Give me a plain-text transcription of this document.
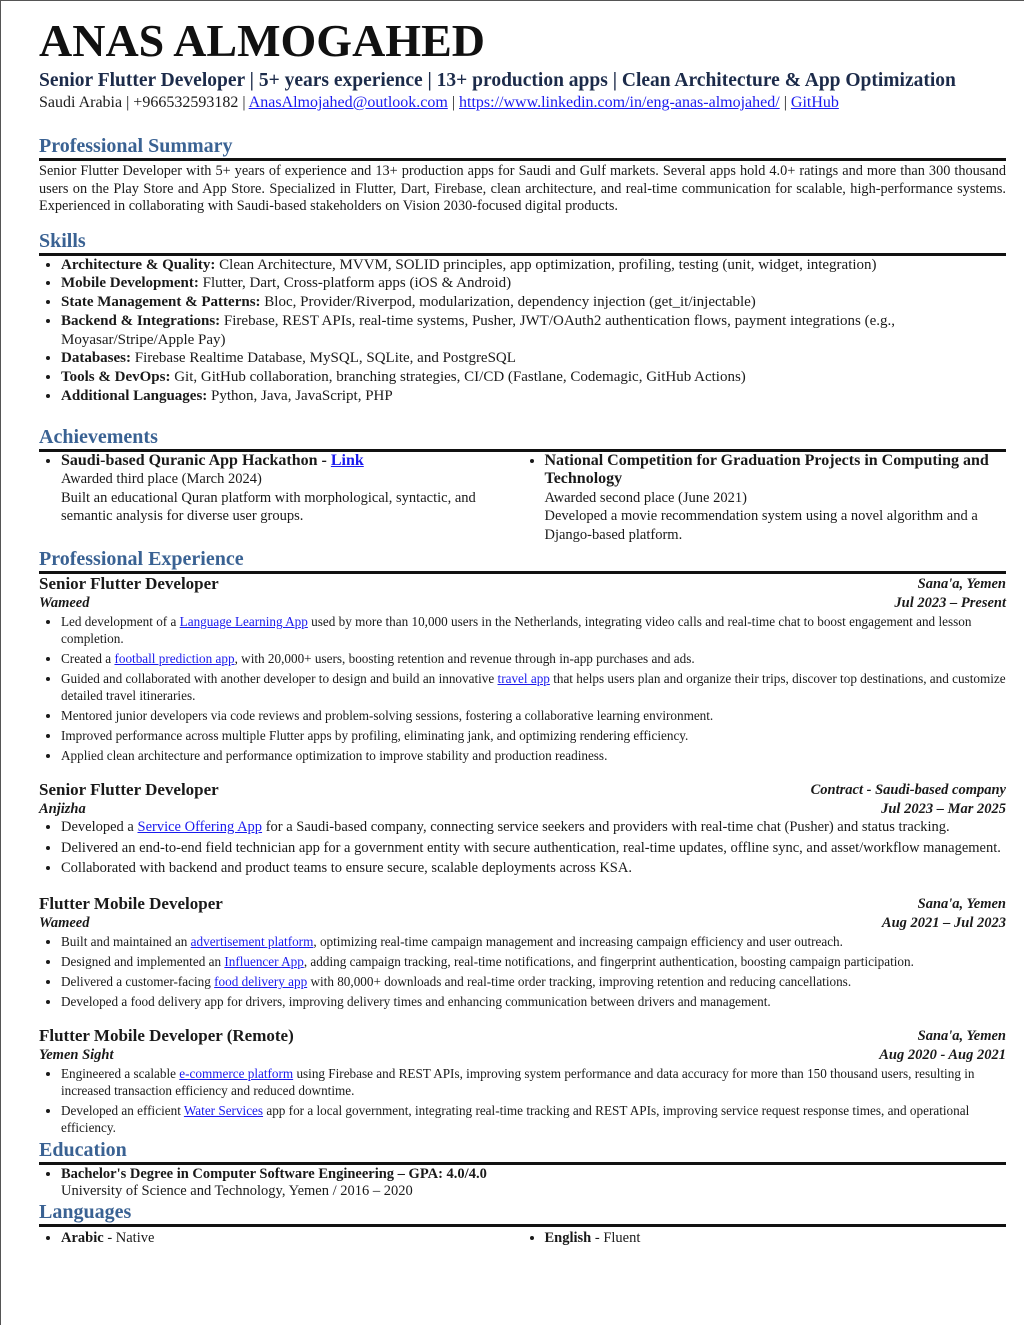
ANAS ALMOGAHED
Senior Flutter Developer | 5+ years experience | 13+ production apps | Clean Architecture & App Optimization
Saudi Arabia | +966532593182 | AnasAlmojahed@outlook.com | https://www.linkedin.com/in/eng-anas-almojahed/ | GitHub
Professional Summary
Senior Flutter Developer with 5+ years of experience and 13+ production apps for Saudi and Gulf markets. Several apps hold 4.0+ ratings and more than 300 thousand users on the Play Store and App Store. Specialized in Flutter, Dart, Firebase, clean architecture, and real-time communication for scalable, high-performance systems. Experienced in collaborating with Saudi-based stakeholders on Vision 2030-focused digital products.
Skills
• Architecture & Quality: Clean Architecture, MVVM, SOLID principles, app optimization, profiling, testing (unit, widget, integration)
• Mobile Development: Flutter, Dart, Cross-platform apps (iOS & Android)
• State Management & Patterns: Bloc, Provider/Riverpod, modularization, dependency injection (get_it/injectable)
• Backend & Integrations: Firebase, REST APIs, real-time systems, Pusher, JWT/OAuth2 authentication flows, payment integrations (e.g., Moyasar/Stripe/Apple Pay)
• Databases: Firebase Realtime Database, MySQL, SQLite, and PostgreSQL
• Tools & DevOps: Git, GitHub collaboration, branching strategies, CI/CD (Fastlane, Codemagic, GitHub Actions)
• Additional Languages: Python, Java, JavaScript, PHP
Achievements
• Saudi-based Quranic App Hackathon - Link
Awarded third place (March 2024)
Built an educational Quran platform with morphological, syntactic, and semantic analysis for diverse user groups.
• National Competition for Graduation Projects in Computing and Technology
Awarded second place (June 2021)
Developed a movie recommendation system using a novel algorithm and a Django-based platform.
Professional Experience
Senior Flutter Developer	Sana'a, Yemen
Wameed	Jul 2023 – Present
• Led development of a Language Learning App used by more than 10,000 users in the Netherlands, integrating video calls and real-time chat to boost engagement and lesson completion.
• Created a football prediction app, with 20,000+ users, boosting retention and revenue through in-app purchases and ads.
• Guided and collaborated with another developer to design and build an innovative travel app that helps users plan and organize their trips, discover top destinations, and customize detailed travel itineraries.
• Mentored junior developers via code reviews and problem-solving sessions, fostering a collaborative learning environment.
• Improved performance across multiple Flutter apps by profiling, eliminating jank, and optimizing rendering efficiency.
• Applied clean architecture and performance optimization to improve stability and production readiness.
Senior Flutter Developer	Contract - Saudi-based company
Anjizha	Jul 2023 – Mar 2025
• Developed a Service Offering App for a Saudi-based company, connecting service seekers and providers with real-time chat (Pusher) and status tracking.
• Delivered an end-to-end field technician app for a government entity with secure authentication, real-time updates, offline sync, and asset/workflow management.
• Collaborated with backend and product teams to ensure secure, scalable deployments across KSA.
Flutter Mobile Developer	Sana'a, Yemen
Wameed	Aug 2021 – Jul 2023
• Built and maintained an advertisement platform, optimizing real-time campaign management and increasing campaign efficiency and user outreach.
• Designed and implemented an Influencer App, adding campaign tracking, real-time notifications, and fingerprint authentication, boosting campaign participation.
• Delivered a customer-facing food delivery app with 80,000+ downloads and real-time order tracking, improving retention and reducing cancellations.
• Developed a food delivery app for drivers, improving delivery times and enhancing communication between drivers and management.
Flutter Mobile Developer (Remote)	Sana'a, Yemen
Yemen Sight	Aug 2020 - Aug 2021
• Engineered a scalable e-commerce platform using Firebase and REST APIs, improving system performance and data accuracy for more than 150 thousand users, resulting in increased transaction efficiency and reduced downtime.
• Developed an efficient Water Services app for a local government, integrating real-time tracking and REST APIs, improving service request response times, and operational efficiency.
Education
• Bachelor's Degree in Computer Software Engineering – GPA: 4.0/4.0
University of Science and Technology, Yemen / 2016 – 2020
Languages
• Arabic - Native	• English - Fluent
